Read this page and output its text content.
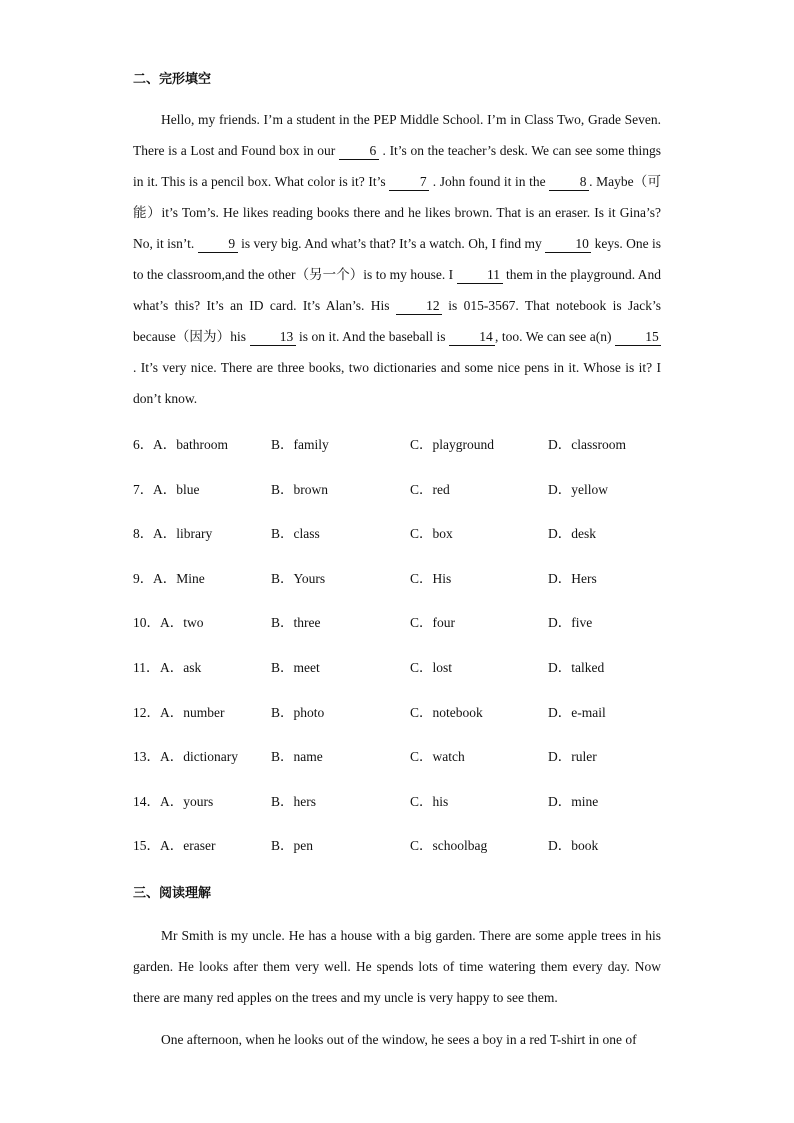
二、完形填空

Hello, my friends. I’m a student in the PEP Middle School. I’m in Class Two, Grade Seven. There is a Lost and Found box in our 6 . It’s on the teacher’s desk. We can see some things in it. This is a pencil box. What color is it? It’s 7 . John found it in the 8 . Maybe（可能）it’s Tom’s. He likes reading books there and he likes brown. That is an eraser. Is it Gina’s? No, it isn’t. 9 is very big. And what’s that? It’s a watch. Oh, I find my 10 keys. One is to the classroom,and the other（另一个）is to my house. I 11 them in the playground. And what’s this? It’s an ID card. It’s Alan’s. His 12 is 015-3567. That notebook is Jack’s because（因为）his 13 is on it. And the baseball is 14 , too. We can see a(n) 15 . It’s very nice. There are three books, two dictionaries and some nice pens in it. Whose is it? I don’t know.

6． A．bathroom	B．family	C．playground	D．classroom
7． A．blue	B．brown	C．red	D．yellow
8． A．library	B．class	C．box	D．desk
9． A．Mine	B．Yours	C．His	D．Hers
10． A．two	B．three	C．four	D．five
11． A．ask	B．meet	C．lost	D．talked
12． A．number	B．photo	C．notebook	D．e-mail
13． A．dictionary B．name	C．watch	D．ruler
14． A．yours	B．hers	C．his	D．mine
15． A．eraser	B．pen	C．schoolbag	D．book
三、阅读理解

Mr Smith is my uncle. He has a house with a big garden. There are some apple trees in his garden. He looks after them very well. He spends lots of time watering them every day. Now there are many red apples on the trees and my uncle is very happy to see them.

One afternoon, when he looks out of the window, he sees a boy in a red T-shirt in one of
